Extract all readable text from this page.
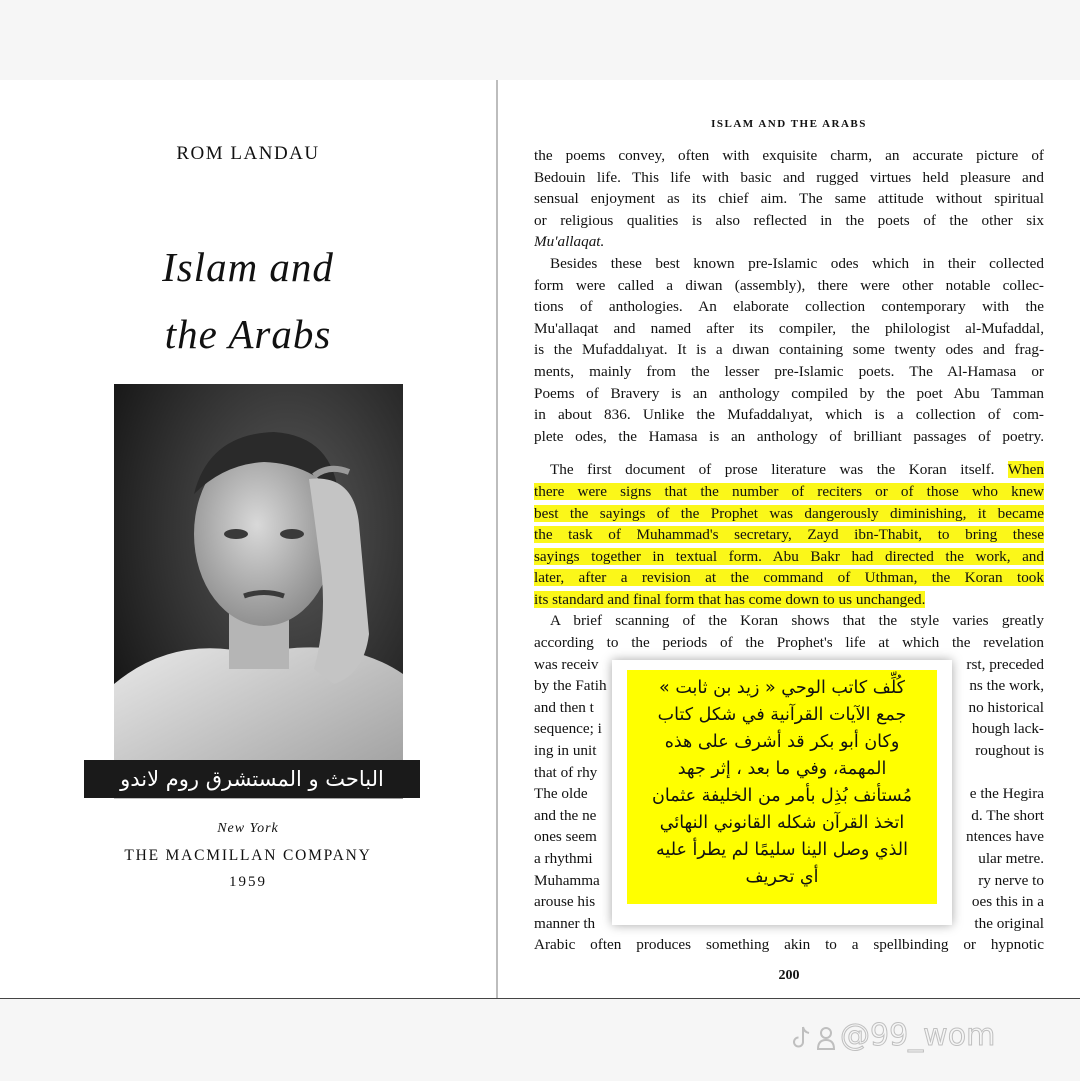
ROM LANDAU
Islam and
the Arabs
الباحث و المستشرق روم لاندو
New York
THE MACMILLAN COMPANY
1959
ISLAM AND THE ARABS
the poems convey, often with exquisite charm, an accurate picture of
Bedouin life. This life with basic and rugged virtues held pleasure and
sensual enjoyment as its chief aim. The same attitude without spiritual
or religious qualities is also reflected in the poets of the other six
Mu'allaqat.
Besides these best known pre-Islamic odes which in their collected
form were called a diwan (assembly), there were other notable collec-
tions of anthologies. An elaborate collection contemporary with the
Mu'allaqat and named after its compiler, the philologist al-Mufaddal,
is the Mufaddalıyat. It is a dıwan containing some twenty odes and frag-
ments, mainly from the lesser pre-Islamic poets. The Al-Hamasa or
Poems of Bravery is an anthology compiled by the poet Abu Tamman
in about 836. Unlike the Mufaddalıyat, which is a collection of com-
plete odes, the Hamasa is an anthology of brilliant passages of poetry.
The first document of prose literature was the Koran itself. When
there were signs that the number of reciters or of those who knew
best the sayings of the Prophet was dangerously diminishing, it became
the task of Muhammad's secretary, Zayd ibn-Thabit, to bring these
sayings together in textual form. Abu Bakr had directed the work, and
later, after a revision at the command of Uthman, the Koran took
its standard and final form that has come down to us unchanged.
A brief scanning of the Koran shows that the style varies greatly
according to the periods of the Prophet's life at which the revelation
was receiv	rst, preceded
by the Fatih	ns the work,
and then t	no historical
sequence; i	hough lack-
ing in unit	roughout is
that of rhy
The olde	e the Hegira
and the ne	d. The short
ones seem	ntences have
a rhythmi	ular metre.
Muhamma	ry nerve to
arouse his	oes this in a
manner th	the original
Arabic often produces something akin to a spellbinding or hypnotic
200
كُلِّف كاتب الوحي « زيد بن ثابت »
جمع الآيات القرآنية في شكل كتاب
وكان أبو بكر قد أشرف على هذه
المهمة، وفي ما بعد ، إثر جهد
مُستأنف بُذِل بأمر من الخليفة عثمان
اتخذ القرآن شكله القانوني النهائي
الذي وصل الينا سليمًا لم يطرأ عليه
أي تحريف
@99_wom
